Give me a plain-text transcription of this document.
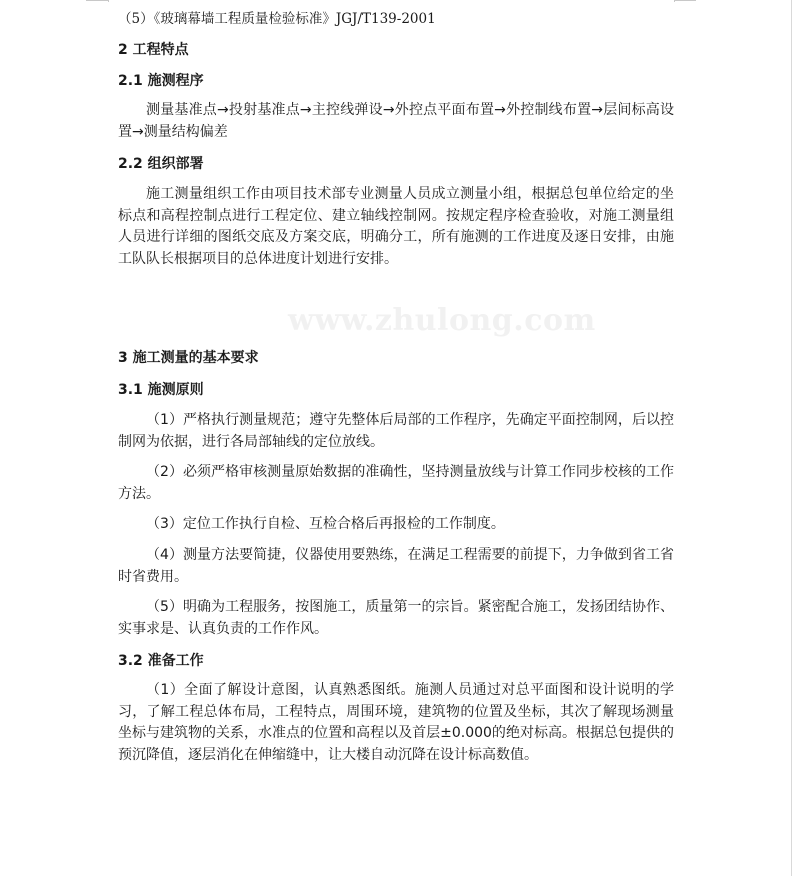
www.zhulong.com
（5）《玻璃幕墙工程质量检验标准》JGJ/T139-2001
2 工程特点
2.1 施测程序
测量基准点→投射基准点→主控线弹设→外控点平面布置→外控制线布置→层间标高设置→测量结构偏差
2.2 组织部署
施工测量组织工作由项目技术部专业测量人员成立测量小组，根据总包单位给定的坐标点和高程控制点进行工程定位、建立轴线控制网。按规定程序检查验收，对施工测量组人员进行详细的图纸交底及方案交底，明确分工，所有施测的工作进度及逐日安排，由施工队队长根据项目的总体进度计划进行安排。
3 施工测量的基本要求
3.1 施测原则
（1）严格执行测量规范；遵守先整体后局部的工作程序，先确定平面控制网，后以控制网为依据，进行各局部轴线的定位放线。
（2）必须严格审核测量原始数据的准确性，坚持测量放线与计算工作同步校核的工作方法。
（3）定位工作执行自检、互检合格后再报检的工作制度。
（4）测量方法要简捷，仪器使用要熟练，在满足工程需要的前提下，力争做到省工省时省费用。
（5）明确为工程服务，按图施工，质量第一的宗旨。紧密配合施工，发扬团结协作、实事求是、认真负责的工作作风。
3.2 准备工作
（1）全面了解设计意图，认真熟悉图纸。施测人员通过对总平面图和设计说明的学习，了解工程总体布局，工程特点，周围环境，建筑物的位置及坐标，其次了解现场测量坐标与建筑物的关系，水准点的位置和高程以及首层±0.000的绝对标高。根据总包提供的预沉降值，逐层消化在伸缩缝中，让大楼自动沉降在设计标高数值。
